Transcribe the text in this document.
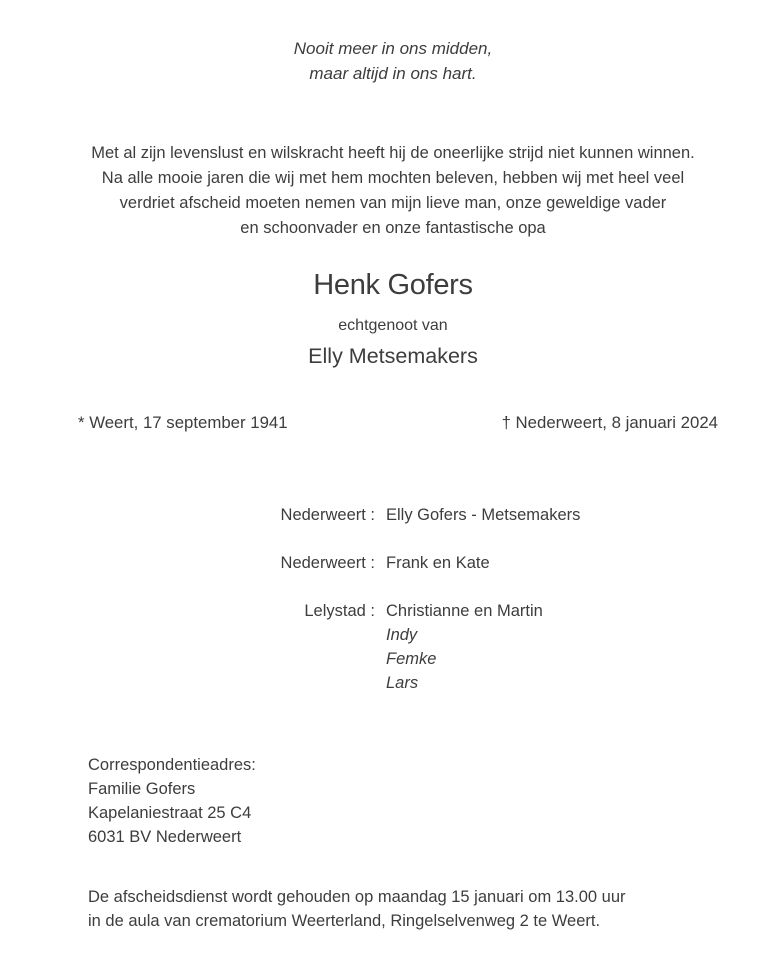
Nooit meer in ons midden,
maar altijd in ons hart.
Met al zijn levenslust en wilskracht heeft hij de oneerlijke strijd niet kunnen winnen.
Na alle mooie jaren die wij met hem mochten beleven, hebben wij met heel veel
verdriet afscheid moeten nemen van mijn lieve man, onze geweldige vader
en schoonvader en onze fantastische opa
Henk Gofers
echtgenoot van
Elly Metsemakers
* Weert, 17 september 1941	† Nederweert, 8 januari 2024
Nederweert : Elly Gofers - Metsemakers
Nederweert : Frank en Kate
Lelystad : Christianne en Martin
Indy
Femke
Lars
Correspondentieadres:
Familie Gofers
Kapelaniestraat 25 C4
6031 BV Nederweert
De afscheidsdienst wordt gehouden op maandag 15 januari om 13.00 uur
in de aula van crematorium Weerterland, Ringelselvenweg 2 te Weert.
